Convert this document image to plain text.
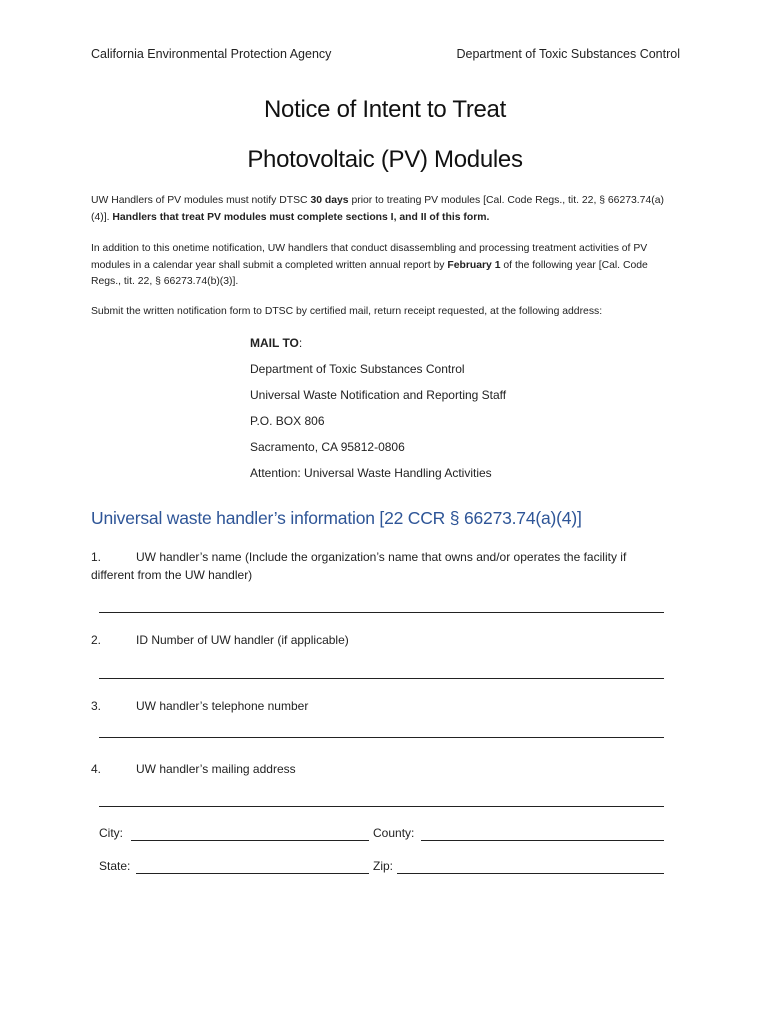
California Environmental Protection Agency	Department of Toxic Substances Control
Notice of Intent to Treat
Photovoltaic (PV) Modules
UW Handlers of PV modules must notify DTSC 30 days prior to treating PV modules [Cal. Code Regs., tit. 22, § 66273.74(a)(4)]. Handlers that treat PV modules must complete sections I, and II of this form.
In addition to this onetime notification, UW handlers that conduct disassembling and processing treatment activities of PV modules in a calendar year shall submit a completed written annual report by February 1 of the following year [Cal. Code Regs., tit. 22, § 66273.74(b)(3)].
Submit the written notification form to DTSC by certified mail, return receipt requested, at the following address:
MAIL TO:
Department of Toxic Substances Control
Universal Waste Notification and Reporting Staff
P.O. BOX 806
Sacramento, CA 95812-0806
Attention: Universal Waste Handling Activities
Universal waste handler’s information [22 CCR § 66273.74(a)(4)]
1.	UW handler’s name (Include the organization’s name that owns and/or operates the facility if different from the UW handler)
2.	ID Number of UW handler (if applicable)
3.	UW handler’s telephone number
4.	UW handler’s mailing address
City:	County:
State:	Zip:
